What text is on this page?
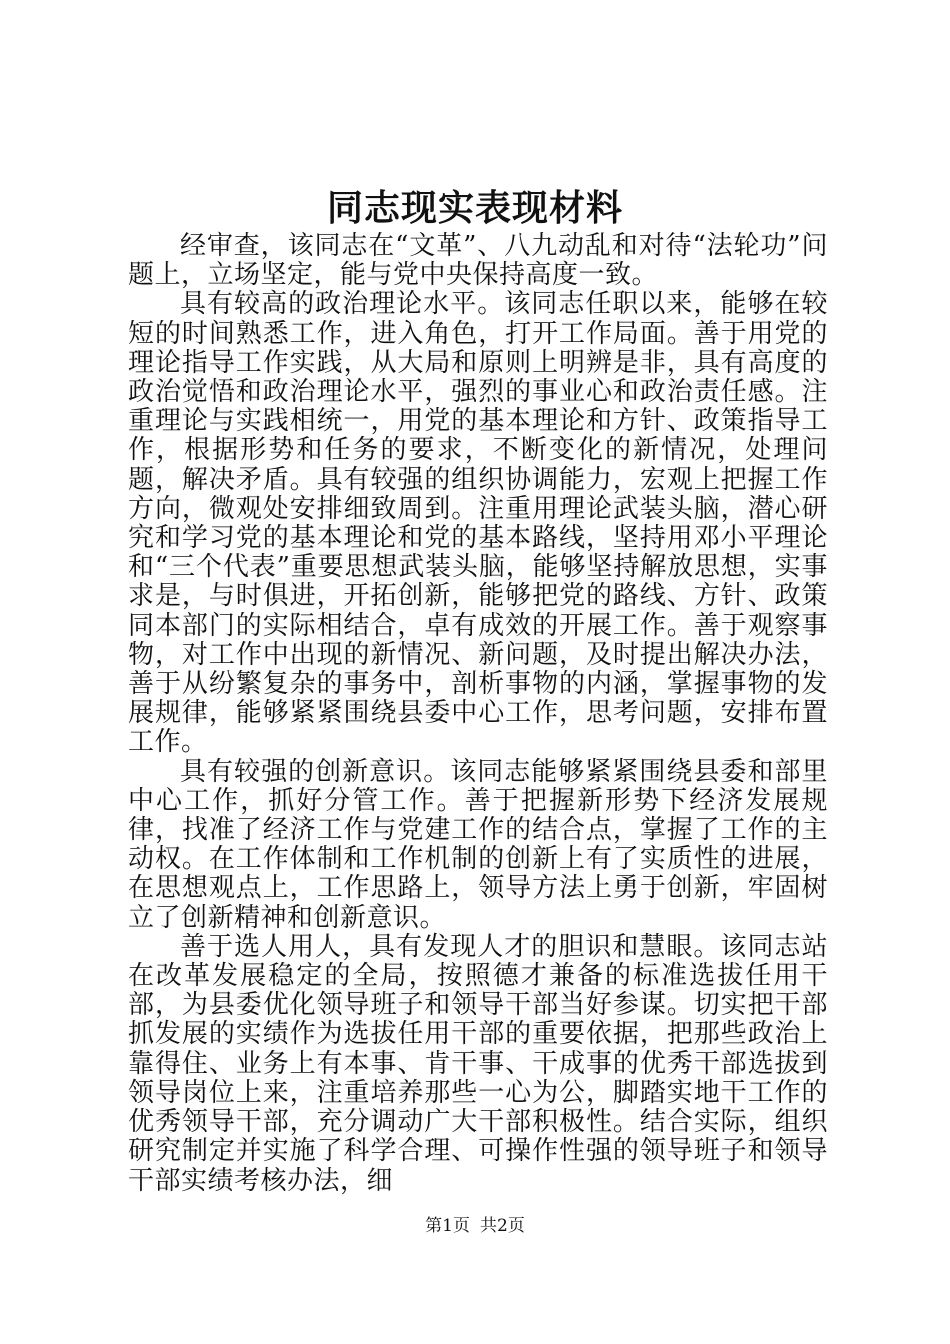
同志现实表现材料

经审查，该同志在“文革”、八九动乱和对待“法轮功”问题上，立场坚定，能与党中央保持高度一致。

具有较高的政治理论水平。该同志任职以来，能够在较短的时间熟悉工作，进入角色，打开工作局面。善于用党的理论指导工作实践，从大局和原则上明辨是非，具有高度的政治觉悟和政治理论水平，强烈的事业心和政治责任感。注重理论与实践相统一，用党的基本理论和方针、政策指导工作，根据形势和任务的要求，不断变化的新情况，处理问题，解决矛盾。具有较强的组织协调能力，宏观上把握工作方向，微观处安排细致周到。注重用理论武装头脑，潜心研究和学习党的基本理论和党的基本路线，坚持用邓小平理论和“三个代表”重要思想武装头脑，能够坚持解放思想，实事求是，与时俱进，开拓创新，能够把党的路线、方针、政策同本部门的实际相结合，卓有成效的开展工作。善于观察事物，对工作中出现的新情况、新问题，及时提出解决办法，善于从纷繁复杂的事务中，剖析事物的内涵，掌握事物的发展规律，能够紧紧围绕县委中心工作，思考问题，安排布置工作。

具有较强的创新意识。该同志能够紧紧围绕县委和部里中心工作，抓好分管工作。善于把握新形势下经济发展规律，找准了经济工作与党建工作的结合点，掌握了工作的主动权。在工作体制和工作机制的创新上有了实质性的进展，在思想观点上，工作思路上，领导方法上勇于创新，牢固树立了创新精神和创新意识。

善于选人用人，具有发现人才的胆识和慧眼。该同志站在改革发展稳定的全局，按照德才兼备的标准选拔任用干部，为县委优化领导班子和领导干部当好参谋。切实把干部抓发展的实绩作为选拔任用干部的重要依据，把那些政治上靠得住、业务上有本事、肯干事、干成事的优秀干部选拔到领导岗位上来，注重培养那些一心为公，脚踏实地干工作的优秀领导干部，充分调动广大干部积极性。结合实际，组织研究制定并实施了科学合理、可操作性强的领导班子和领导干部实绩考核办法，细

第1页 共2页
